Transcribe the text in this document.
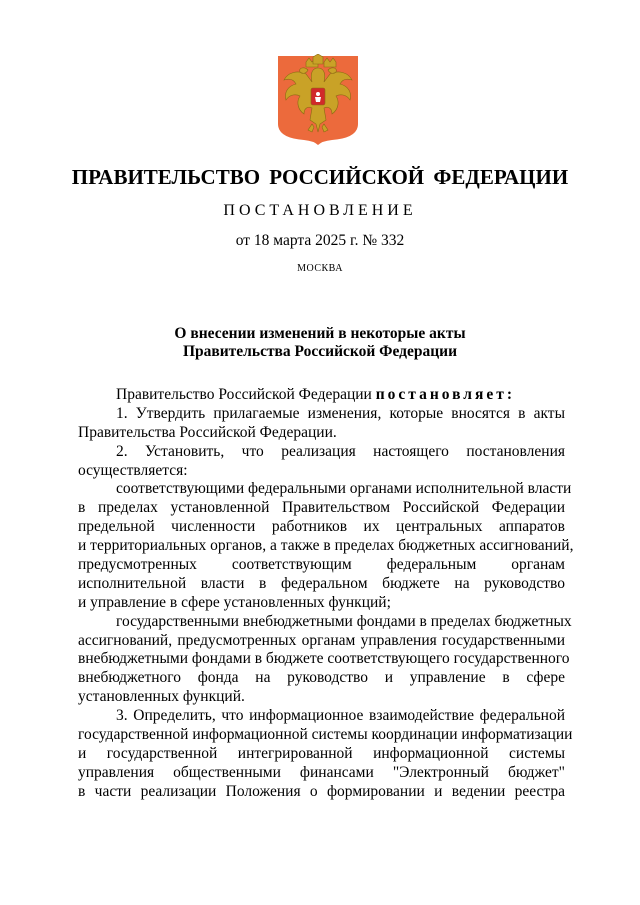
ПРАВИТЕЛЬСТВО РОССИЙСКОЙ ФЕДЕРАЦИИ
ПОСТАНОВЛЕНИЕ
от 18 марта 2025 г. № 332
МОСКВА
О внесении изменений в некоторые акты
Правительства Российской Федерации
Правительство Российской Федерации постановляет:
1. Утвердить прилагаемые изменения, которые вносятся в акты
Правительства Российской Федерации.
2. Установить, что реализация настоящего постановления
осуществляется:
соответствующими федеральными органами исполнительной власти
в пределах установленной Правительством Российской Федерации
предельной численности работников их центральных аппаратов
и территориальных органов, а также в пределах бюджетных ассигнований,
предусмотренных соответствующим федеральным органам
исполнительной власти в федеральном бюджете на руководство
и управление в сфере установленных функций;
государственными внебюджетными фондами в пределах бюджетных
ассигнований, предусмотренных органам управления государственными
внебюджетными фондами в бюджете соответствующего государственного
внебюджетного фонда на руководство и управление в сфере
установленных функций.
3. Определить, что информационное взаимодействие федеральной
государственной информационной системы координации информатизации
и государственной интегрированной информационной системы
управления общественными финансами "Электронный бюджет"
в части реализации Положения о формировании и ведении реестра
